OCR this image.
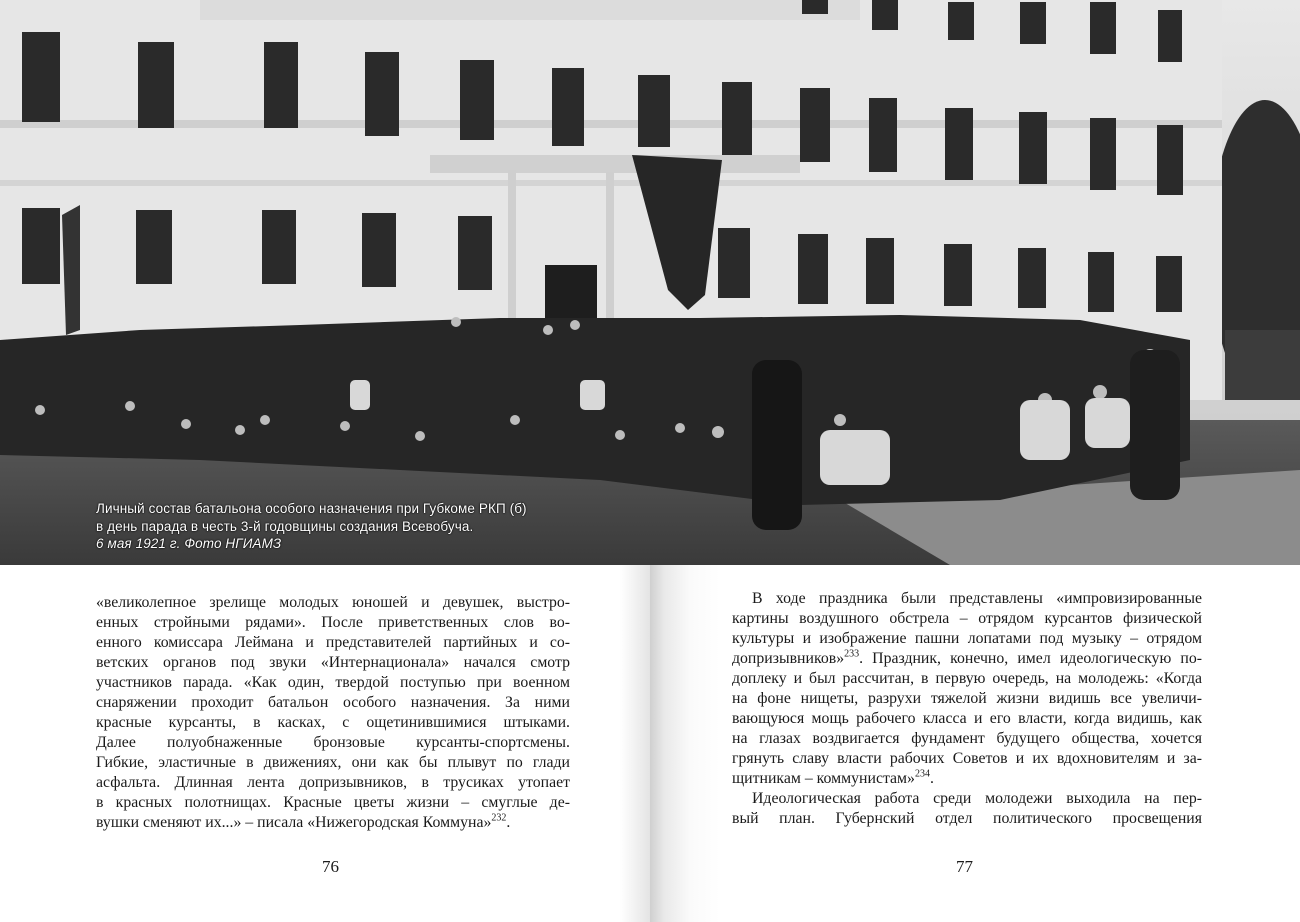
Личный состав батальона особого назначения при Губкоме РКП (б)
в день парада в честь 3-й годовщины создания Всевобуча.
6 мая 1921 г. Фото НГИАМЗ
«великолепное зрелище молодых юношей и девушек, выстро-
енных стройными рядами». После приветственных слов во-
енного комиссара Леймана и представителей партийных и со-
ветских органов под звуки «Интернационала» начался смотр
участников парада. «Как один, твердой поступью при военном
снаряжении проходит батальон особого назначения. За ними
красные курсанты, в касках, с ощетинившимися штыками.
Далее полуобнаженные бронзовые курсанты-спортсмены.
Гибкие, эластичные в движениях, они как бы плывут по глади
асфальта. Длинная лента допризывников, в трусиках утопает
в красных полотнищах. Красные цветы жизни – смуглые де-
вушки сменяют их...» – писала «Нижегородская Коммуна»$^{232}$.
76
В ходе праздника были представлены «импровизированные
картины воздушного обстрела – отрядом курсантов физической
культуры и изображение пашни лопатами под музыку – отрядом
допризывников»$^{233}$. Праздник, конечно, имел идеологическую по-
доплеку и был рассчитан, в первую очередь, на молодежь: «Когда
на фоне нищеты, разрухи тяжелой жизни видишь все увеличи-
вающуюся мощь рабочего класса и его власти, когда видишь, как
на глазах воздвигается фундамент будущего общества, хочется
грянуть славу власти рабочих Советов и их вдохновителям и за-
щитникам – коммунистам»$^{234}$.
Идеологическая работа среди молодежи выходила на пер-
вый план. Губернский отдел политического просвещения
77
